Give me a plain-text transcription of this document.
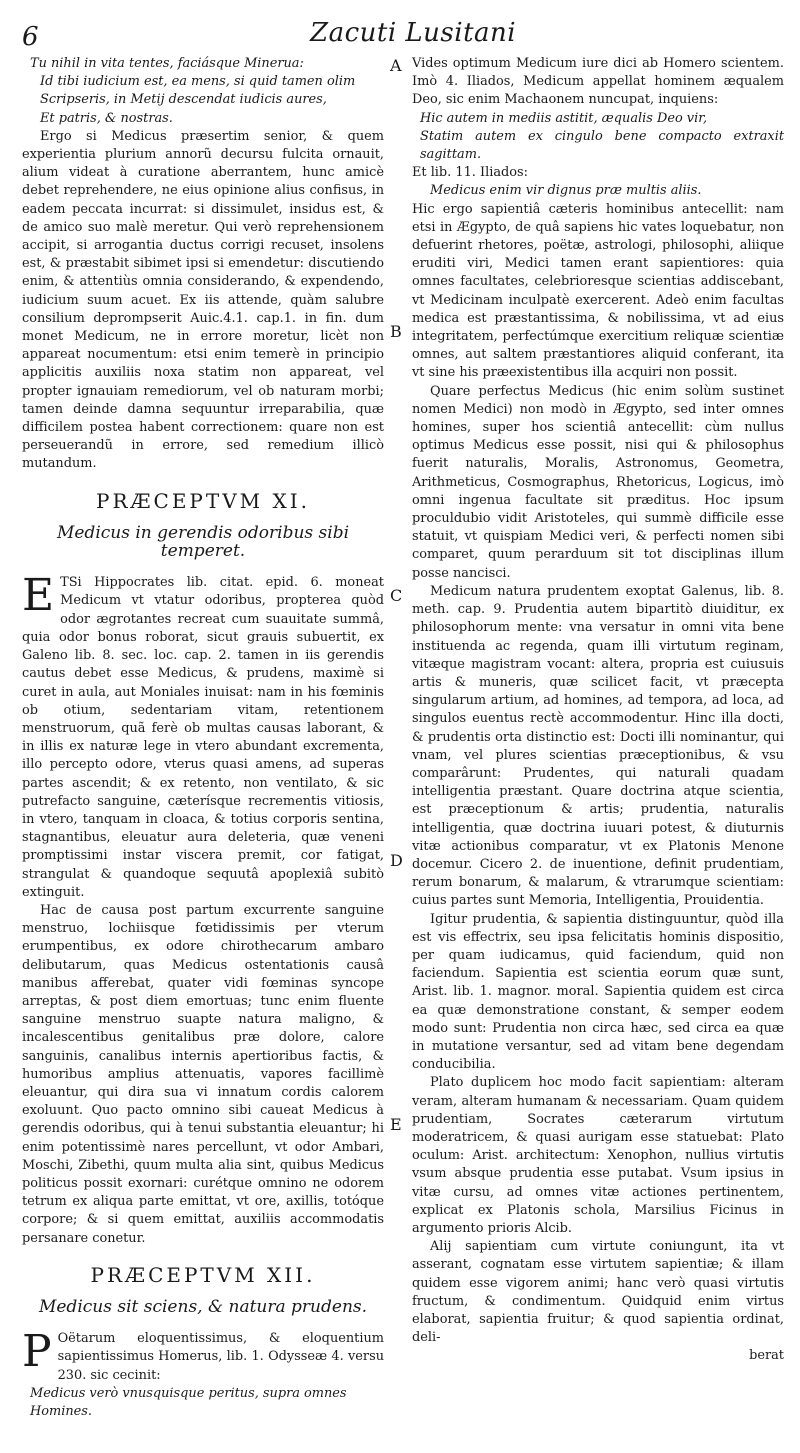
6	Zacuti Lusitani
A
B
C
D
E
Tu nihil in vita tentes, faciásque Minerua:
Id tibi iudicium est, ea mens, si quid tamen olim
Scripseris, in Metij descendat iudicis aures,
Et patris, & nostras.

Ergo si Medicus præsertim senior, & quem experientia plurium annorũ decursu fulcita ornauit, alium videat à curatione aberrantem, hunc amicè debet reprehendere, ne eius opinione alius confisus, in eadem peccata incurrat: si dissimulet, insidus est, & de amico suo malè meretur. Qui verò reprehensionem accipit, si arrogantia ductus corrigi recuset, insolens est, & præstabit sibimet ipsi si emendetur: discutiendo enim, & attentiùs omnia considerando, & expendendo, iudicium suum acuet. Ex iis attende, quàm salubre consilium deprompserit Auic.4.1. cap.1. in fin. dum monet Medicum, ne in errore moretur, licèt non appareat nocumentum: etsi enim temerè in principio applicitis auxiliis noxa statim non appareat, vel propter ignauiam remediorum, vel ob naturam morbi; tamen deinde damna sequuntur irreparabilia, quæ difficilem postea habent correctionem: quare non est perseuerandũ in errore, sed remedium illicò mutandum.

PRÆCEPTVM XI.
Medicus in gerendis odoribus sibi temperet.

E TSi Hippocrates lib. citat. epid. 6. moneat Medicum vt vtatur odoribus, propterea quòd odor ægrotantes recreat cum suauitate summâ, quia odor bonus roborat, sicut grauis subuertit, ex Galeno lib. 8. sec. loc. cap. 2. tamen in iis gerendis cautus debet esse Medicus, & prudens, maximè si curet in aula, aut Moniales inuisat: nam in his fœminis ob otium, sedentariam vitam, retentionem menstruorum, quã ferè ob multas causas laborant, & in illis ex naturæ lege in vtero abundant excrementa, illo percepto odore, vterus quasi amens, ad superas partes ascendit; & ex retento, non ventilato, & sic putrefacto sanguine, cæterísque recrementis vitiosis, in vtero, tanquam in cloaca, & totius corporis sentina, stagnantibus, eleuatur aura deleteria, quæ veneni promptissimi instar viscera premit, cor fatigat, strangulat & quandoque sequutâ apoplexiâ subitò extinguit.

Hac de causa post partum excurrente sanguine menstruo, lochiisque fœtidissimis per vterum erumpentibus, ex odore chirothecarum ambaro delibutarum, quas Medicus ostentationis causâ manibus afferebat, quater vidi fœminas syncope arreptas, & post diem emortuas; tunc enim fluente sanguine menstruo suapte natura maligno, & incalescentibus genitalibus præ dolore, calore sanguinis, canalibus internis apertioribus factis, & humoribus amplius attenuatis, vapores facillimè eleuantur, qui dira sua vi innatum cordis calorem exoluunt. Quo pacto omnino sibi caueat Medicus à gerendis odoribus, qui à tenui substantia eleuantur; hi enim potentissimè nares percellunt, vt odor Ambari, Moschi, Zibethi, quum multa alia sint, quibus Medicus politicus possit exornari: curétque omnino ne odorem tetrum ex aliqua parte emittat, vt ore, axillis, totóque corpore; & si quem emittat, auxiliis accommodatis persanare conetur.

PRÆCEPTVM XII.
Medicus sit sciens, & natura prudens.

P Oëtarum eloquentissimus, & eloquentium sapientissimus Homerus, lib. 1. Odysseæ 4. versu 230. sic cecinit:

Medicus verò vnusquisque peritus, supra omnes
Homines.

Vides optimum Medicum iure dici ab Homero scientem. Imò 4. Iliados, Medicum appellat hominem æqualem Deo, sic enim Machaonem nuncupat, inquiens:

Hic autem in mediis astitit, æqualis Deo vir,
Statim autem ex cingulo bene compacto extraxit sagittam.

Et lib. 11. Iliados:

Medicus enim vir dignus præ multis aliis.

Hic ergo sapientiâ cæteris hominibus antecellit: nam etsi in Ægypto, de quâ sapiens hic vates loquebatur, non defuerint rhetores, poëtæ, astrologi, philosophi, aliique eruditi viri, Medici tamen erant sapientiores: quia omnes facultates, celebrioresque scientias addiscebant, vt Medicinam inculpatè exercerent. Adeò enim facultas medica est præstantissima, & nobilissima, vt ad eius integritatem, perfectúmque exercitium reliquæ scientiæ omnes, aut saltem præstantiores aliquid conferant, ita vt sine his præexistentibus illa acquiri non possit.

Quare perfectus Medicus (hic enim solùm sustinet nomen Medici) non modò in Ægypto, sed inter omnes homines, super hos scientiâ antecellit: cùm nullus optimus Medicus esse possit, nisi qui & philosophus fuerit naturalis, Moralis, Astronomus, Geometra, Arithmeticus, Cosmographus, Rhetoricus, Logicus, imò omni ingenua facultate sit præditus. Hoc ipsum proculdubio vidit Aristoteles, qui summè difficile esse statuit, vt quispiam Medici veri, & perfecti nomen sibi comparet, quum perarduum sit tot disciplinas illum posse nancisci.

Medicum natura prudentem exoptat Galenus, lib. 8. meth. cap. 9. Prudentia autem bipartitò diuiditur, ex philosophorum mente: vna versatur in omni vita bene instituenda ac regenda, quam illi virtutum reginam, vitæque magistram vocant: altera, propria est cuiusuis artis & muneris, quæ scilicet facit, vt præcepta singularum artium, ad homines, ad tempora, ad loca, ad singulos euentus rectè accommodentur. Hinc illa docti, & prudentis orta distinctio est: Docti illi nominantur, qui vnam, vel plures scientias præceptionibus, & vsu comparârunt: Prudentes, qui naturali quadam intelligentia præstant. Quare doctrina atque scientia, est præceptionum & artis; prudentia, naturalis intelligentia, quæ doctrina iuuari potest, & diuturnis vitæ actionibus comparatur, vt ex Platonis Menone docemur. Cicero 2. de inuentione, definit prudentiam, rerum bonarum, & malarum, & vtrarumque scientiam: cuius partes sunt Memoria, Intelligentia, Prouidentia.

Igitur prudentia, & sapientia distinguuntur, quòd illa est vis effectrix, seu ipsa felicitatis hominis dispositio, per quam iudicamus, quid faciendum, quid non faciendum. Sapientia est scientia eorum quæ sunt, Arist. lib. 1. magnor. moral. Sapientia quidem est circa ea quæ demonstratione constant, & semper eodem modo sunt: Prudentia non circa hæc, sed circa ea quæ in mutatione versantur, sed ad vitam bene degendam conducibilia.

Plato duplicem hoc modo facit sapientiam: alteram veram, alteram humanam & necessariam. Quam quidem prudentiam, Socrates cæterarum virtutum moderatricem, & quasi aurigam esse statuebat: Plato oculum: Arist. architectum: Xenophon, nullius virtutis vsum absque prudentia esse putabat. Vsum ipsius in vitæ cursu, ad omnes vitæ actiones pertinentem, explicat ex Platonis schola, Marsilius Ficinus in argumento prioris Alcib.

Alij sapientiam cum virtute coniungunt, ita vt asserant, cognatam esse virtutem sapientiæ; & illam quidem esse vigorem animi; hanc verò quasi virtutis fructum, & condimentum. Quidquid enim virtus elaborat, sapientia fruitur; & quod sapientia ordinat, deli-

berat
